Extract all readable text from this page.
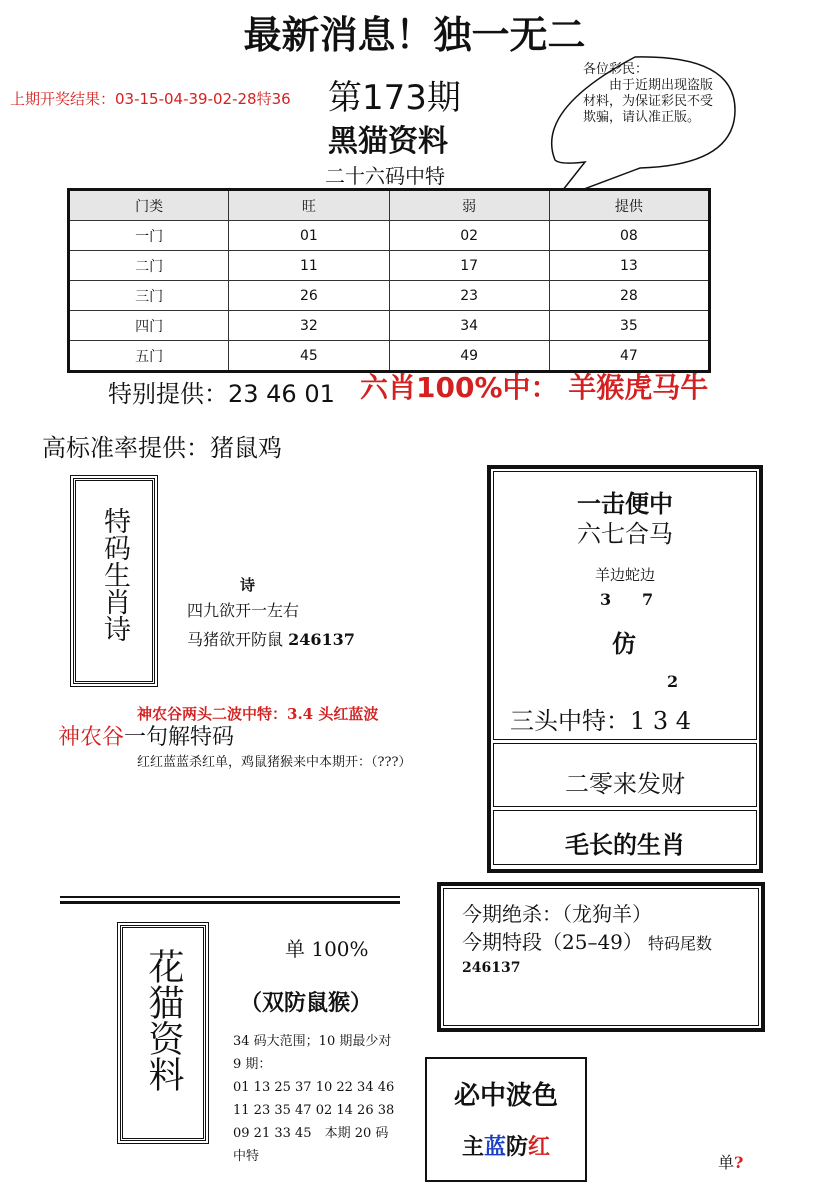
最新消息！独一无二
上期开奖结果：03-15-04-39-02-28特36 第173期
黑猫资料
二十六码中特
各位彩民：
　　由于近期出现盗版材料，为保证彩民不受欺骗，请认准正版。
门类	旺	弱	提供
一门	01	02	08
二门	11	17	13
三门	26	23	28
四门	32	34	35
五门	45	49	47
特别提供：23 46 01 六肖100%中： 羊猴虎马牛
高标准率提供：猪鼠鸡
特码生肖诗	诗
四九欲开一左右
马猪欲开防鼠 246137
神农谷两头二波中特：3.4 头红蓝波
神农谷一句解特码
红红蓝蓝杀红单，鸡鼠猪猴来中本期开：（???）
一击便中
六七合马
羊边蛇边
3 7
仿
2
三头中特：1 3 4
二零来发财
毛长的生肖
花猫资料	单 100%
（双防鼠猴）
34 码大范围；10 期最少对
9 期：
01 13 25 37 10 22 34 46
11 23 35 47 02 14 26 38
09 21 33 45　本期 20 码
中特
今期绝杀：（龙狗羊）
今期特段（25–49） 特码尾数
246137
必中波色
主蓝防红
单?
